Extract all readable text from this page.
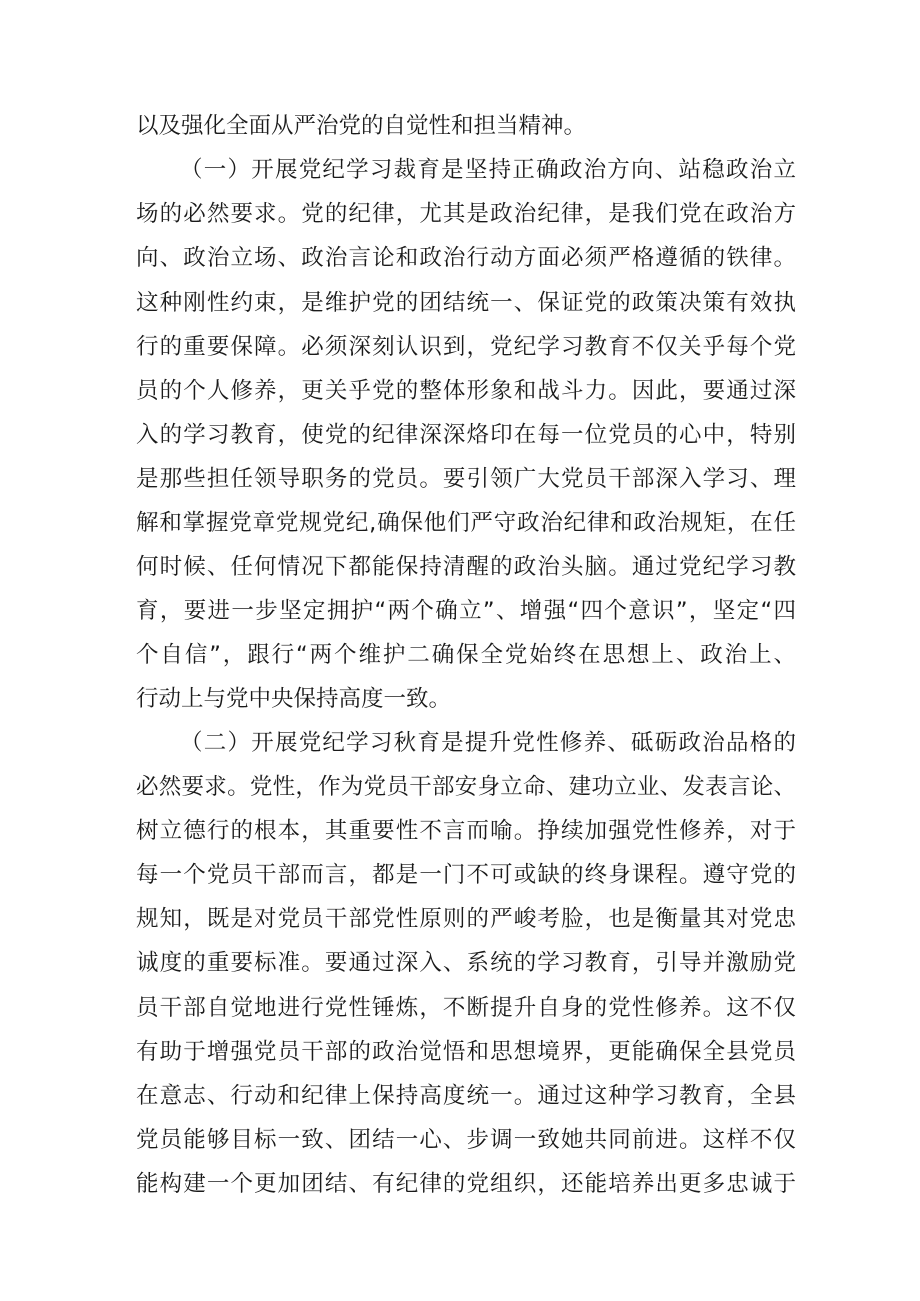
以及强化全面从严治党的自觉性和担当精神。
（一）开展党纪学习裁育是坚持正确政治方向、站稳政治立
场的必然要求。党的纪律，尤其是政治纪律，是我们党在政治方
向、政治立场、政治言论和政治行动方面必须严格遵循的铁律。
这种刚性约束，是维护党的团结统一、保证党的政策决策有效执
行的重要保障。必须深刻认识到，党纪学习教育不仅关乎每个党
员的个人修养，更关乎党的整体形象和战斗力。因此，要通过深
入的学习教育，使党的纪律深深烙印在每一位党员的心中，特别
是那些担任领导职务的党员。要引领广大党员干部深入学习、理
解和掌握党章党规党纪,确保他们严守政治纪律和政治规矩，在任
何时候、任何情况下都能保持清醒的政治头脑。通过党纪学习教
育，要进一步坚定拥护“两个确立”、增强“四个意识”，坚定“四
个自信”，跟行“两个维护二确保全党始终在思想上、政治上、
行动上与党中央保持高度一致。
（二）开展党纪学习秋育是提升党性修养、砥砺政治品格的
必然要求。党性，作为党员干部安身立命、建功立业、发表言论、
树立德行的根本，其重要性不言而喻。挣续加强党性修养，对于
每一个党员干部而言，都是一门不可或缺的终身课程。遵守党的
规知，既是对党员干部党性原则的严峻考脸，也是衡量其对党忠
诚度的重要标准。要通过深入、系统的学习教育，引导并激励党
员干部自觉地进行党性锤炼，不断提升自身的党性修养。这不仅
有助于增强党员干部的政治觉悟和思想境界，更能确保全县党员
在意志、行动和纪律上保持高度统一。通过这种学习教育，全县
党员能够目标一致、团结一心、步调一致她共同前进。这样不仅
能构建一个更加团结、有纪律的党组织，还能培养出更多忠诚于
